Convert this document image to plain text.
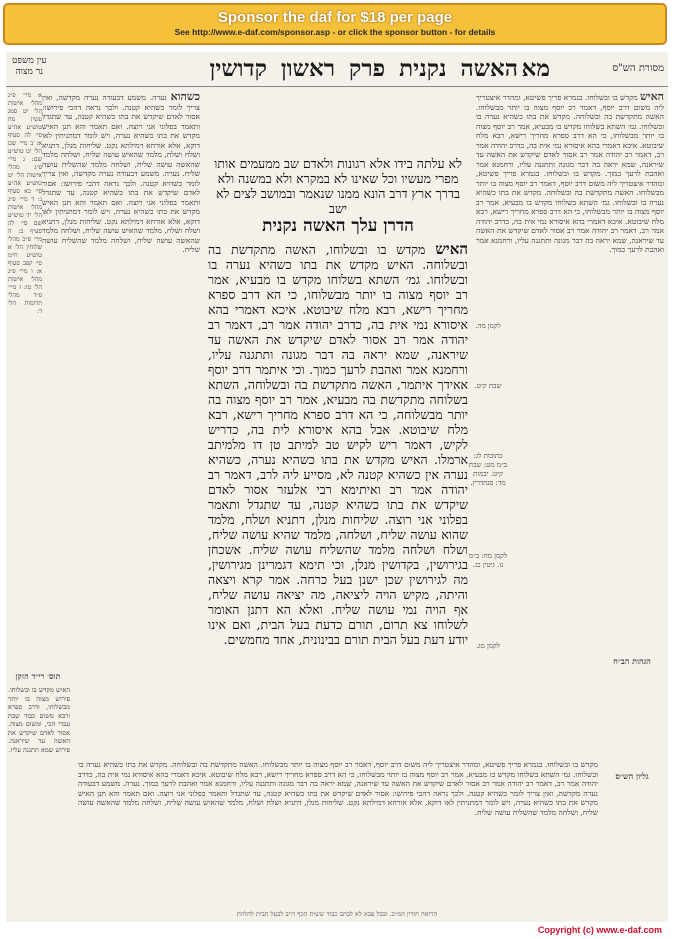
Sponsor the daf for $18 per page
See http://www.e-daf.com/sponsor.asp - or click the sponsor button - for details
מסורת הש"ס
האשה נקנית פרק ראשון קדושין מא
עין משפט
נר מצוה
האיש מקדש בו ובשלוחו. בגמרא פריך פשיטא, ומהדר איצטריך ליה משום דרב יוסף, דאמר רב יוסף מצוה בו יותר מבשלוחו. האשה מתקדשת בה ובשלוחה. מקדש את בתו כשהיא נערה בו ובשלוחו. גמ׳ השתא בשלוחו מקדש בו מבעיא, אמר רב יוסף מצוה בו יותר מבשלוחו, כי הא דרב ספרא מחריך רישא, רבא מלח שיבוטא. איכא דאמרי בהא איסורא נמי אית בה, כדרב יהודה אמר רב, דאמר רב יהודה אמר רב אסור לאדם שיקדש את האשה עד שיראנה, שמא יראה בה דבר מגונה ותתגנה עליו, ורחמנא אמר ואהבת לרעך כמוך. מקדש בו ובשלוחו. בגמרא פריך פשיטא, ומהדר איצטריך ליה משום דרב יוסף, דאמר רב יוסף מצוה בו יותר מבשלוחו. האשה מתקדשת בה ובשלוחה. מקדש את בתו כשהיא נערה בו ובשלוחו. גמ׳ השתא בשלוחו מקדש בו מבעיא, אמר רב יוסף מצוה בו יותר מבשלוחו, כי הא דרב ספרא מחריך רישא, רבא מלח שיבוטא. איכא דאמרי בהא איסורא נמי אית בה, כדרב יהודה אמר רב, דאמר רב יהודה אמר רב אסור לאדם שיקדש את האשה עד שיראנה, שמא יראה בה דבר מגונה ותתגנה עליו, ורחמנא אמר ואהבת לרעך כמוך.
לא עלתה בידו אלא רגונות ולאדם שב ממעמים אותו מפרי מעשיו וכל שאינו לא במקרא ולא במשנה ולא בדרך ארץ דרב הונא ממנו שנאמר ובמושב לצים לא ישב
הדרן עלך האשה נקנית
האיש מקדש בו ובשלוחו, האשה מתקדשת בה ובשלוחה. האיש מקדש את בתו כשהיא נערה בו ובשלוחו. גמ׳ השתא בשלוחו מקדש בו מבעיא, אמר רב יוסף מצוה בו יותר מבשלוחו, כי הא דרב ספרא מחריך רישא, רבא מלח שיבוטא. איכא דאמרי בהא איסורא נמי אית בה, כדרב יהודה אמר רב, דאמר רב יהודה אמר רב אסור לאדם שיקדש את האשה עד שיראנה, שמא יראה בה דבר מגונה ותתגנה עליו, ורחמנא אמר ואהבת לרעך כמוך. וכי איתמר דרב יוסף אאידך איתמר, האשה מתקדשת בה ובשלוחה, השתא בשלוחה מתקדשת בה מבעיא, אמר רב יוסף מצוה בה יותר מבשלוחה, כי הא דרב ספרא מחריך רישא, רבא מלח שיבוטא. אבל בהא איסורא לית בה, כדריש לקיש, דאמר ריש לקיש טב למיתב טן דו מלמיתב ארמלו. האיש מקדש את בתו כשהיא נערה, כשהיא נערה אין כשהיא קטנה לא, מסייע ליה לרב, דאמר רב יהודה אמר רב ואיתימא רבי אלעזר אסור לאדם שיקדש את בתו כשהיא קטנה, עד שתגדל ותאמר בפלוני אני רוצה. שליחות מנלן, דתניא ושלח, מלמד שהוא עושה שליח, ושלחה, מלמד שהיא עושה שליח, ושלח ושלחה מלמד שהשליח עושה שליח. אשכחן בגירושין, בקדושין מנלן, וכי תימא דגמרינן מגירושין, מה לגירושין שכן ישנן בעל כרחה. אמר קרא ויצאה והיתה, מקיש הויה ליציאה, מה יציאה עושה שליח, אף הויה נמי עושה שליח. ואלא הא דתנן האומר לשלוחו צא תרום, תורם כדעת בעל הבית, ואם אינו יודע דעת בעל הבית תורם בבינונית, אחד מחמשים.
כשהוא נערה. משמע דבעודה נערה מקדשה, ואין צריך לומר כשהיא קטנה. ולכך נראה דהכי פירושו: אסור לאדם שיקדש את בתו כשהיא קטנה, עד שתגדל ותאמר בפלוני אני רוצה. ואם תאמר והא תנן האיש מקדש את בתו כשהיא נערה, ויש לומר דמתניתין לאו דוקא, אלא אורחא דמילתא נקט. שליחות מנלן, דתניא ושלח ושלח, מלמד שהאיש עושה שליח, ושלחה מלמד שהאשה עושה שליח, ושלחה מלמד שהשליח עושה שליח. נערה. משמע דבעודה נערה מקדשה, ואין צריך לומר כשהיא קטנה. ולכך נראה דהכי פירושו: אסור לאדם שיקדש את בתו כשהיא קטנה, עד שתגדל ותאמר בפלוני אני רוצה. ואם תאמר והא תנן האיש מקדש את בתו כשהיא נערה, ויש לומר דמתניתין לאו דוקא, אלא אורחא דמילתא נקט. שליחות מנלן, דתניא ושלח ושלח, מלמד שהאיש עושה שליח, ושלחה מלמד שהאשה עושה שליח, ושלחה מלמד שהשליח עושה שליח.
א מיי׳ פ״ג מהל׳ אישות הל׳ יט סמג עשין מח טוש״ע אה״ע סי׳ לה סעיף א: ב מיי׳ שם הל׳ יט טוש״ע שם: ג מיי׳ פ״ג מהל׳ אישות הל׳ יט טוש״ע אה״ע סי׳ כא סעיף ג: ד מיי׳ פ״ג מהל׳ אישות הל׳ יד טוש״ע שם סי׳ לה סעיף ב: ה מיי׳ פ״ב מהל׳ שלוחין הל׳ א טוש״ע ח״מ סי׳ קפב סעיף א: ו מיי׳ פ״ג מהל׳ אישות הל׳ טו: ז מיי׳ פ״ד מהל׳ תרומות הל׳ ד:
לקמן מה.
שבת קיט.
כתובות לג: ב״מ מט: שבת קיט. יבמות מד: סנהדרין.
לקמן מח: ב״מ נו. גיטין כג.
לקמן מג.
הגהות הב״ח
גליון הש״ס
תוס׳ רי״ד הזקן
האיש מקדש בו ובשלוחו. פירוש מצוה בו יותר מבשלוחו, ודרב ספרא ורבא משום כבוד שבת עבדי הכי, ומשום מצוה. אסור לאדם שיקדש את האשה עד שיראנה. פירוש שמא תתגנה עליו.
מקדש בו ובשלוחו. בגמרא פריך פשיטא, ומהדר איצטריך ליה משום דרב יוסף, דאמר רב יוסף מצוה בו יותר מבשלוחו. האשה מתקדשת בה ובשלוחה. מקדש את בתו כשהיא נערה בו ובשלוחו. גמ׳ השתא בשלוחו מקדש בו מבעיא, אמר רב יוסף מצוה בו יותר מבשלוחו, כי הא דרב ספרא מחריך רישא, רבא מלח שיבוטא. איכא דאמרי בהא איסורא נמי אית בה, כדרב יהודה אמר רב, דאמר רב יהודה אמר רב אסור לאדם שיקדש את האשה עד שיראנה, שמא יראה בה דבר מגונה ותתגנה עליו, ורחמנא אמר ואהבת לרעך כמוך. נערה. משמע דבעודה נערה מקדשה, ואין צריך לומר כשהיא קטנה. ולכך נראה דהכי פירושו: אסור לאדם שיקדש את בתו כשהיא קטנה, עד שתגדל ותאמר בפלוני אני רוצה. ואם תאמר והא תנן האיש מקדש את בתו כשהיא נערה, ויש לומר דמתניתין לאו דוקא, אלא אורחא דמילתא נקט. שליחות מנלן, דתניא ושלח ושלח, מלמד שהאיש עושה שליח, ושלחה מלמד שהאשה עושה שליח, ושלחה מלמד שהשליח עושה שליח.
הרואה חורין המ״ב. ובכל פבא לא לבתב כבוד ששית הכף דויב לבעל הבית להלוות
Copyright (c) www.e-daf.com
